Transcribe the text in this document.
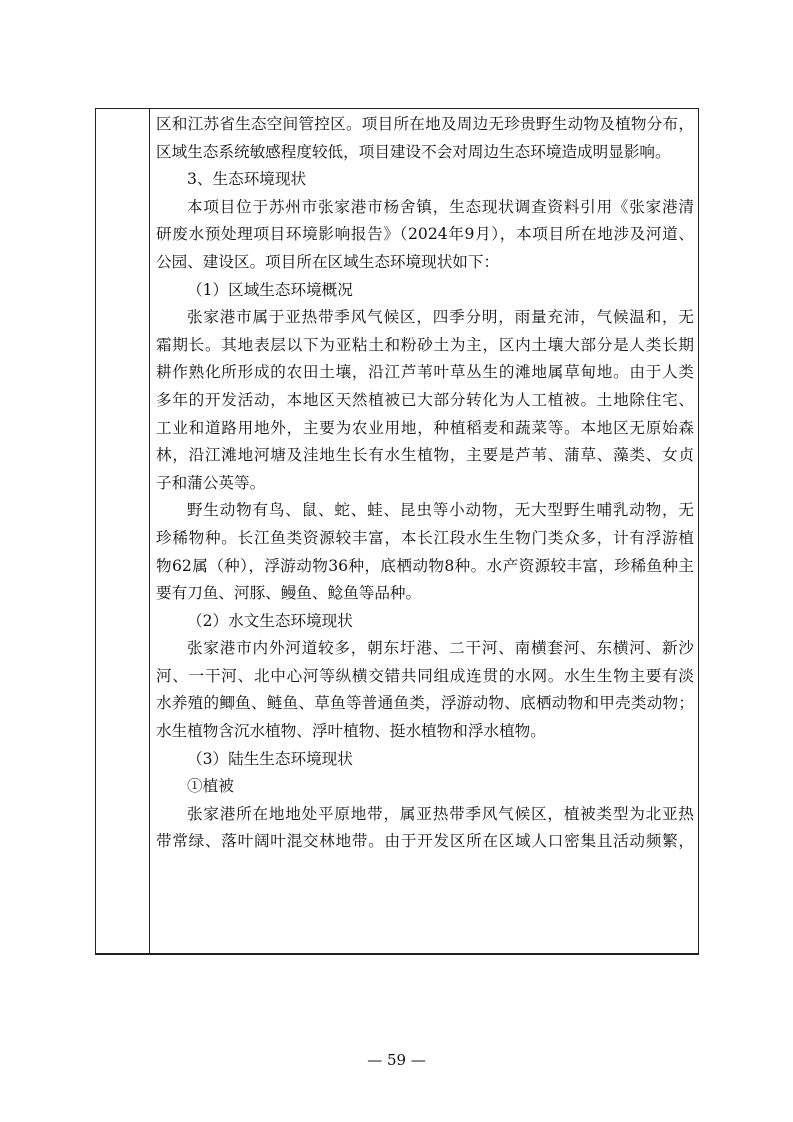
区和江苏省生态空间管控区。项目所在地及周边无珍贵野生动物及植物分布，
区域生态系统敏感程度较低，项目建设不会对周边生态环境造成明显影响。
3、生态环境现状
本项目位于苏州市张家港市杨舍镇，生态现状调查资料引用《张家港清
研废水预处理项目环境影响报告》（2024年9月），本项目所在地涉及河道、
公园、建设区。项目所在区域生态环境现状如下：
（1）区域生态环境概况
张家港市属于亚热带季风气候区，四季分明，雨量充沛，气候温和，无
霜期长。其地表层以下为亚粘土和粉砂土为主，区内土壤大部分是人类长期
耕作熟化所形成的农田土壤，沿江芦苇叶草丛生的滩地属草甸地。由于人类
多年的开发活动，本地区天然植被已大部分转化为人工植被。土地除住宅、
工业和道路用地外，主要为农业用地，种植稻麦和蔬菜等。本地区无原始森
林，沿江滩地河塘及洼地生长有水生植物，主要是芦苇、蒲草、藻类、女贞
子和蒲公英等。
野生动物有鸟、鼠、蛇、蛙、昆虫等小动物，无大型野生哺乳动物，无
珍稀物种。长江鱼类资源较丰富，本长江段水生生物门类众多，计有浮游植
物62属（种），浮游动物36种，底栖动物8种。水产资源较丰富，珍稀鱼种主
要有刀鱼、河豚、鳗鱼、鲶鱼等品种。
（2）水文生态环境现状
张家港市内外河道较多，朝东圩港、二干河、南横套河、东横河、新沙
河、一干河、北中心河等纵横交错共同组成连贯的水网。水生生物主要有淡
水养殖的鲫鱼、鲢鱼、草鱼等普通鱼类，浮游动物、底栖动物和甲壳类动物；
水生植物含沉水植物、浮叶植物、挺水植物和浮水植物。
（3）陆生生态环境现状
①植被
张家港所在地地处平原地带，属亚热带季风气候区，植被类型为北亚热
带常绿、落叶阔叶混交林地带。由于开发区所在区域人口密集且活动频繁，
— 59 —
